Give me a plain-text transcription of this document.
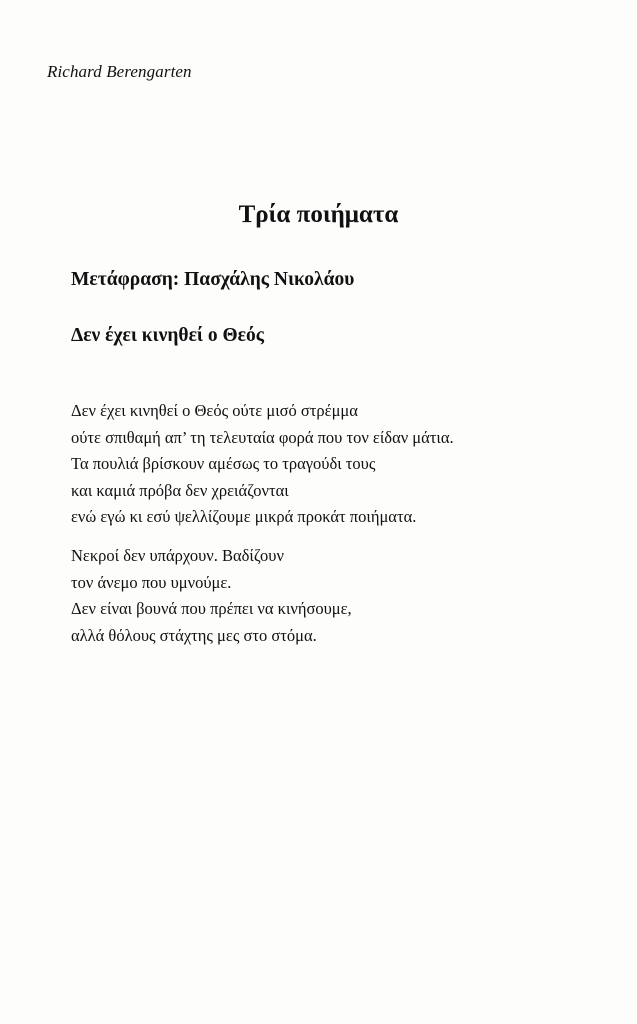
Richard Berengarten
Τρία ποιήματα
Μετάφραση: Πασχάλης Νικολάου
Δεν έχει κινηθεί ο Θεός
Δεν έχει κινηθεί ο Θεός ούτε μισό στρέμμα
ούτε σπιθαμή απ’ τη τελευταία φορά που τον είδαν μάτια.
Τα πουλιά βρίσκουν αμέσως το τραγούδι τους
και καμιά πρόβα δεν χρειάζονται
ενώ εγώ κι εσύ ψελλίζουμε μικρά προκάτ ποιήματα.
Νεκροί δεν υπάρχουν. Βαδίζουν
τον άνεμο που υμνούμε.
Δεν είναι βουνά που πρέπει να κινήσουμε,
αλλά θόλους στάχτης μες στο στόμα.
